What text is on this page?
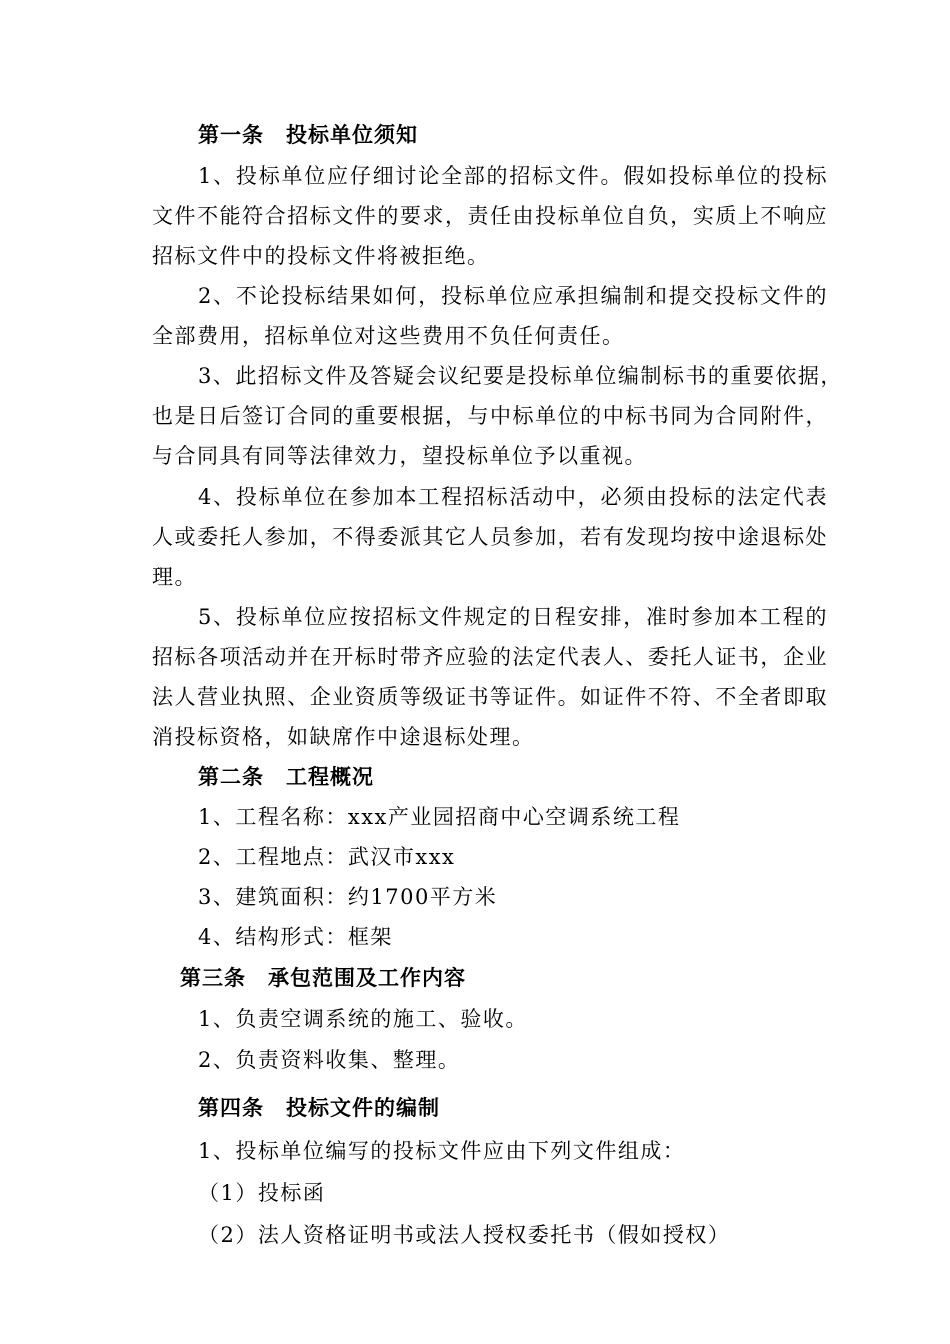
第一条　投标单位须知
1、投标单位应仔细讨论全部的招标文件。假如投标单位的投标
文件不能符合招标文件的要求，责任由投标单位自负，实质上不响应
招标文件中的投标文件将被拒绝。
2、不论投标结果如何，投标单位应承担编制和提交投标文件的
全部费用，招标单位对这些费用不负任何责任。
3、此招标文件及答疑会议纪要是投标单位编制标书的重要依据，
也是日后签订合同的重要根据，与中标单位的中标书同为合同附件，
与合同具有同等法律效力，望投标单位予以重视。
4、投标单位在参加本工程招标活动中，必须由投标的法定代表
人或委托人参加，不得委派其它人员参加，若有发现均按中途退标处
理。
5、投标单位应按招标文件规定的日程安排，准时参加本工程的
招标各项活动并在开标时带齐应验的法定代表人、委托人证书，企业
法人营业执照、企业资质等级证书等证件。如证件不符、不全者即取
消投标资格，如缺席作中途退标处理。
第二条　工程概况
1、工程名称：xxx产业园招商中心空调系统工程
2、工程地点：武汉市xxx
3、建筑面积：约1700平方米
4、结构形式：框架
第三条　承包范围及工作内容
1、负责空调系统的施工、验收。
2、负责资料收集、整理。
第四条　投标文件的编制
1、投标单位编写的投标文件应由下列文件组成：
（1）投标函
（2）法人资格证明书或法人授权委托书（假如授权）
